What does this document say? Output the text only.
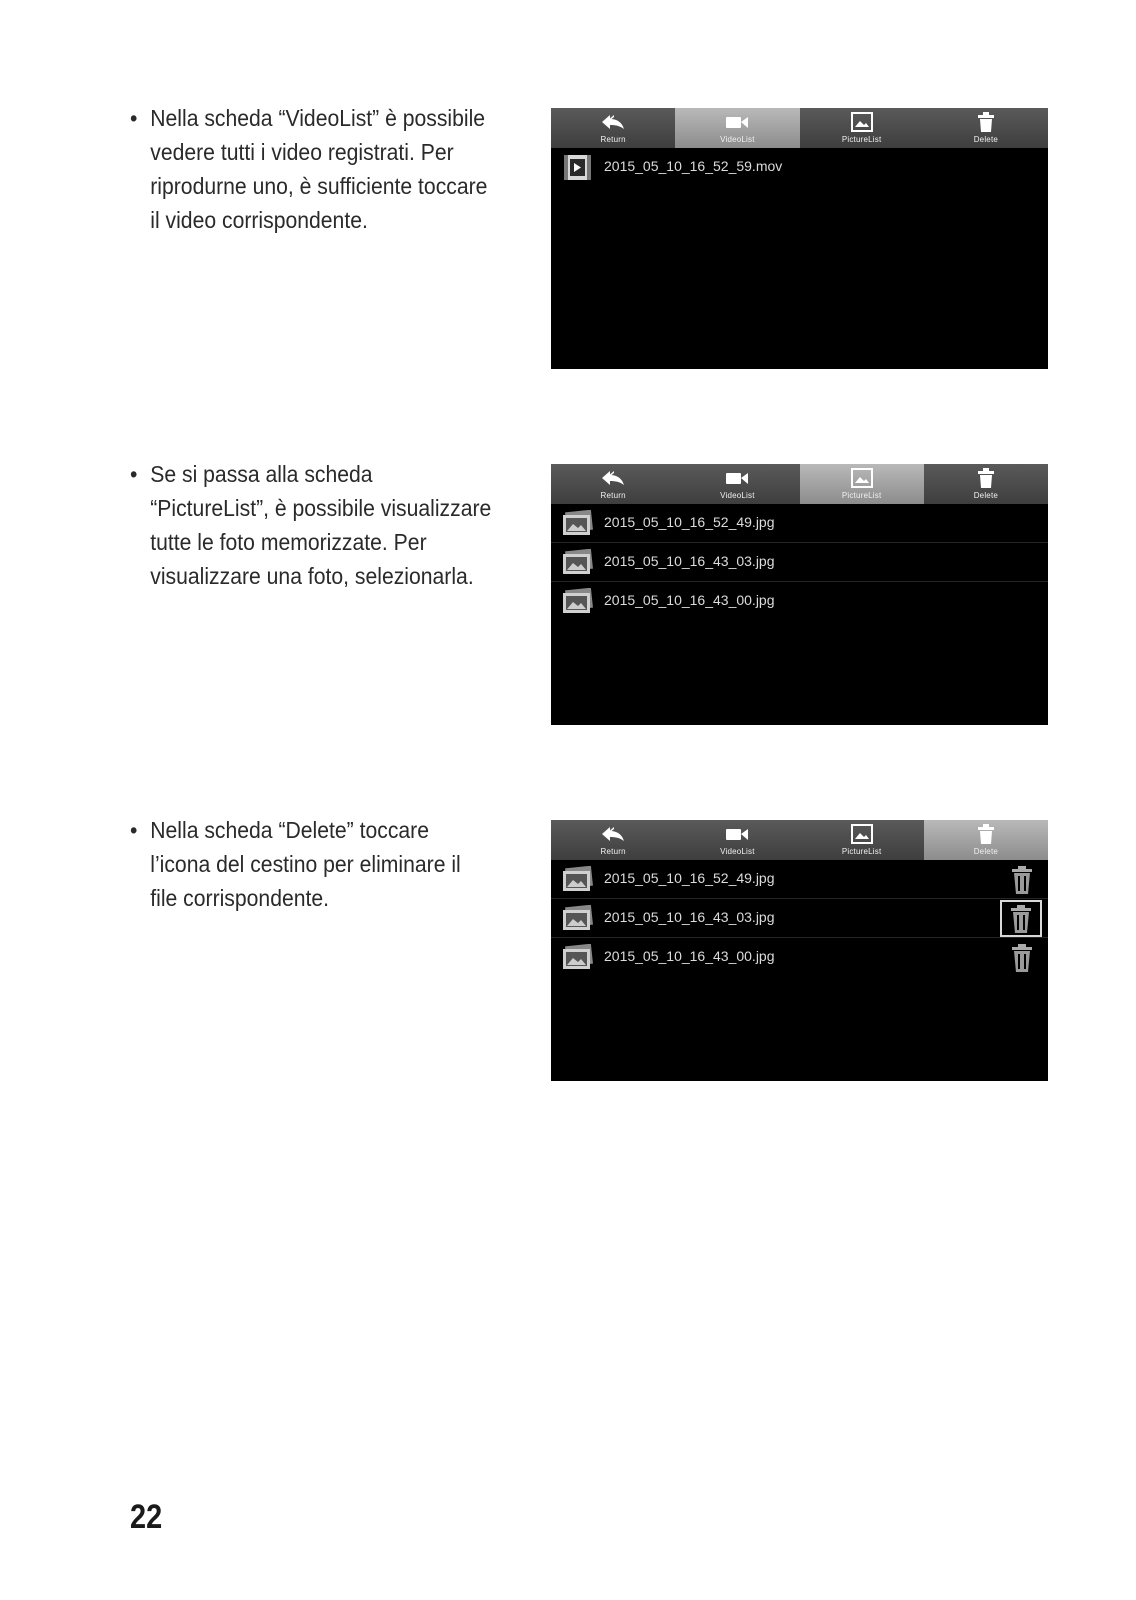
• Nella scheda “VideoList” è possibile vedere tutti i video registrati. Per riprodurne uno, è sufficiente toccare il video corrispondente.
Return	VideoList	PictureList	Delete
2015_05_10_16_52_59.mov
• Se si passa alla scheda “PictureList”, è possibile visualizzare tutte le foto memorizzate. Per visualizzare una foto, selezionarla.
Return	VideoList	PictureList	Delete
2015_05_10_16_52_49.jpg
2015_05_10_16_43_03.jpg
2015_05_10_16_43_00.jpg
• Nella scheda “Delete” toccare l’icona del cestino per eliminare il file corrispondente.
Return	VideoList	PictureList	Delete
2015_05_10_16_52_49.jpg
2015_05_10_16_43_03.jpg
2015_05_10_16_43_00.jpg
22
